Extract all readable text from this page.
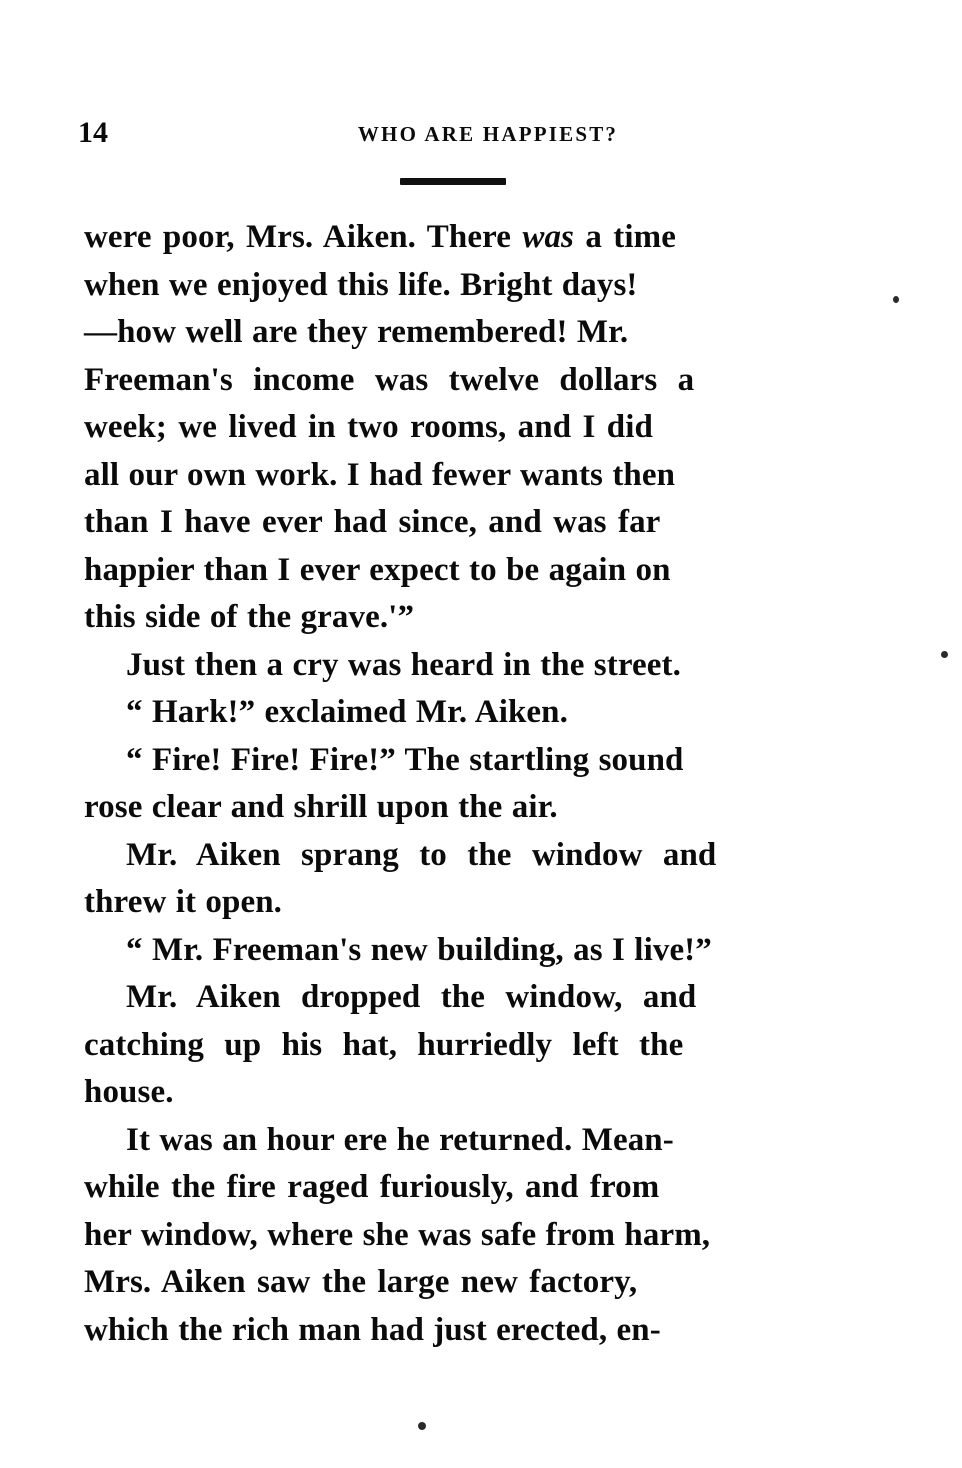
14	WHO ARE HAPPIEST?
were poor, Mrs. Aiken. There was a time
when we enjoyed this life. Bright days!
—how well are they remembered! Mr.
Freeman's income was twelve dollars a
week; we lived in two rooms, and I did
all our own work. I had fewer wants then
than I have ever had since, and was far
happier than I ever expect to be again on
this side of the grave.'”
Just then a cry was heard in the street.
“ Hark!” exclaimed Mr. Aiken.
“ Fire! Fire! Fire!” The startling sound
rose clear and shrill upon the air.
Mr. Aiken sprang to the window and
threw it open.
“ Mr. Freeman's new building, as I live!”
Mr. Aiken dropped the window, and
catching up his hat, hurriedly left the
house.
It was an hour ere he returned. Mean-
while the fire raged furiously, and from
her window, where she was safe from harm,
Mrs. Aiken saw the large new factory,
which the rich man had just erected, en-
